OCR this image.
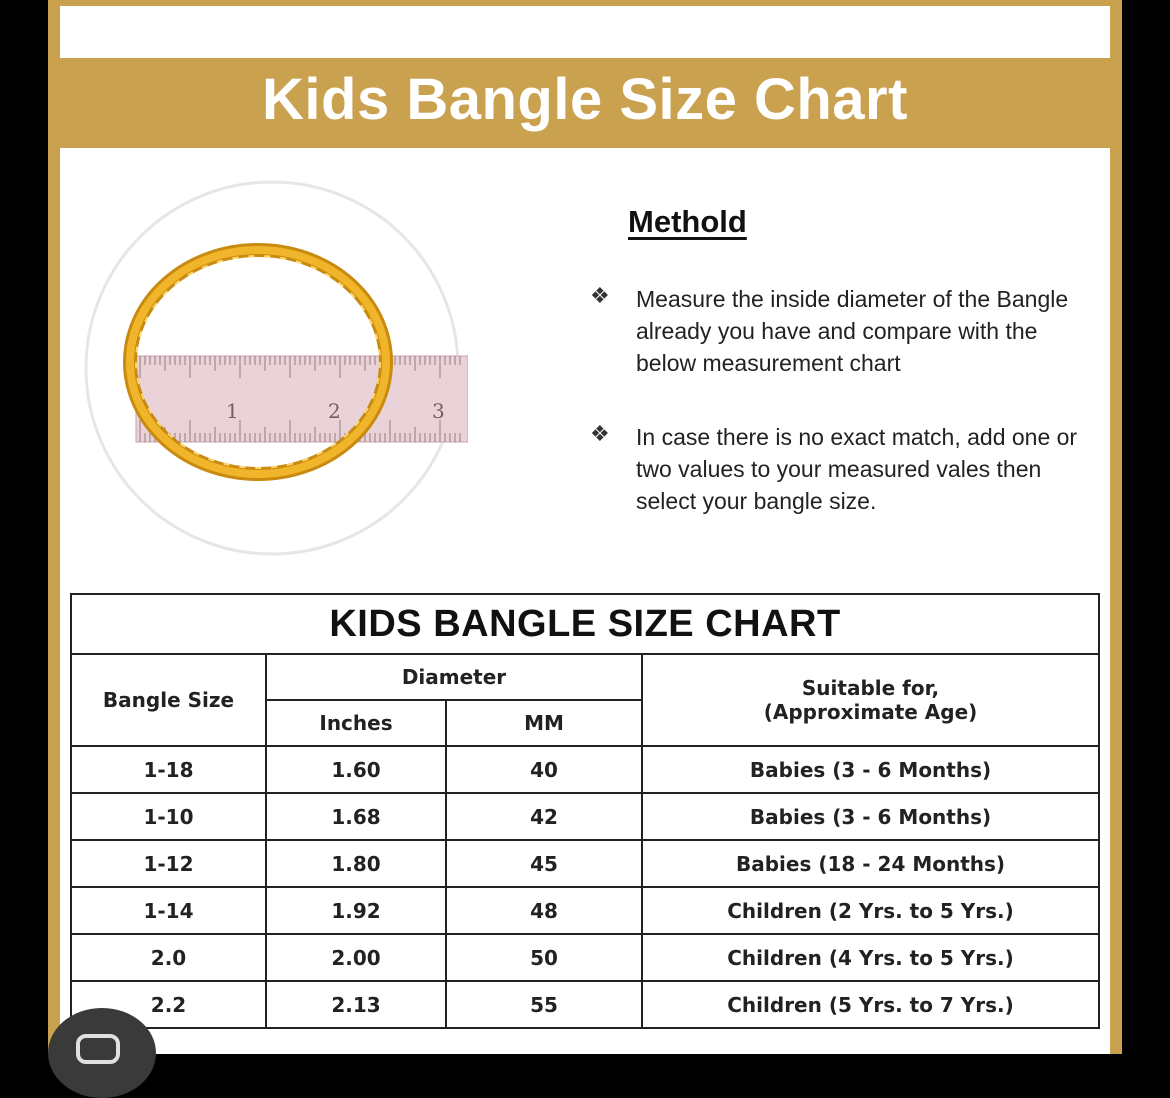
Kids Bangle Size Chart
1	2	3
Methold
❖ Measure the inside diameter of the Bangle already you have and compare with the below measurement chart
❖ In case there is no exact match, add one or two values to your measured vales then select your bangle size.
KIDS BANGLE SIZE CHART			
Bangle Size	Diameter		Suitable for,
(Approximate Age)
	Inches	MM	
1-18	1.60	40	Babies (3 - 6 Months)
1-10	1.68	42	Babies (3 - 6 Months)
1-12	1.80	45	Babies (18 - 24 Months)
1-14	1.92	48	Children (2 Yrs. to 5 Yrs.)
2.0	2.00	50	Children (4 Yrs. to 5 Yrs.)
2.2	2.13	55	Children (5 Yrs. to 7 Yrs.)
